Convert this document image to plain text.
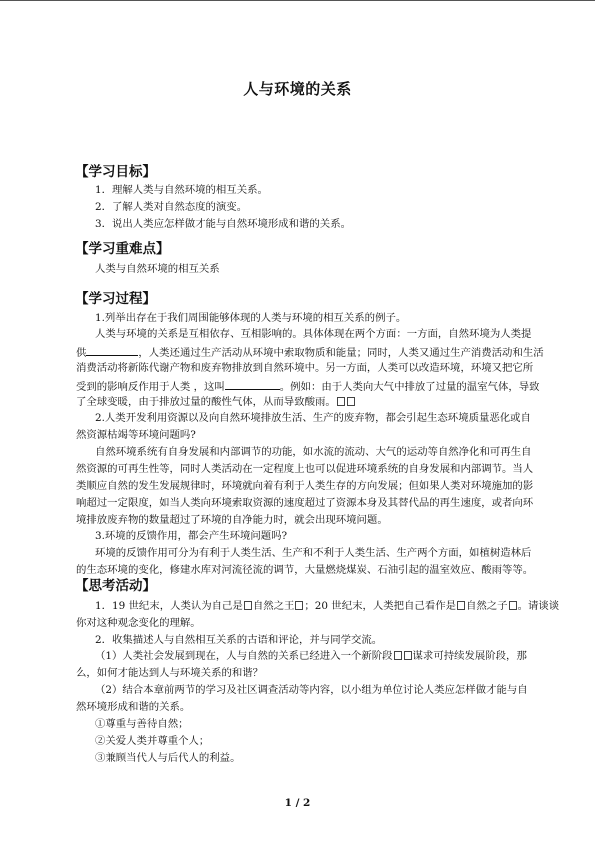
人与环境的关系
【学习目标】
1．理解人类与自然环境的相互关系。
2．了解人类对自然态度的演变。
3．说出人类应怎样做才能与自然环境形成和谐的关系。
【学习重难点】
人类与自然环境的相互关系
【学习过程】
1.列举出存在于我们周围能够体现的人类与环境的相互关系的例子。
人类与环境的关系是互相依存、互相影响的。具体体现在两个方面：一方面，自然环境为人类提
供	，人类还通过生产活动从环境中索取物质和能量；同时，人类又通过生产消费活动和生活
消费活动将新陈代谢产物和废弃物排放到自然环境中。另一方面，人类可以改造环境，环境又把它所
受到的影响反作用于人类 ，这叫	。例如：由于人类向大气中排放了过量的温室气体，导致
了全球变暖，由于排放过量的酸性气体，从而导致酸雨。
2.人类开发利用资源以及向自然环境排放生活、生产的废弃物，都会引起生态环境质量恶化或自
然资源枯竭等环境问题吗?
自然环境系统有自身发展和内部调节的功能，如水流的流动、大气的运动等自然净化和可再生自
然资源的可再生性等，同时人类活动在一定程度上也可以促进环境系统的自身发展和内部调节。当人
类顺应自然的发生发展规律时，环境就向着有利于人类生存的方向发展；但如果人类对环境施加的影
响超过一定限度，如当人类向环境索取资源的速度超过了资源本身及其替代品的再生速度，或者向环
境排放废弃物的数量超过了环境的自净能力时，就会出现环境问题。
3.环境的反馈作用，都会产生环境问题吗?
环境的反馈作用可分为有利于人类生活、生产和不利于人类生活、生产两个方面，如植树造林后
的生态环境的变化，修建水库对河流径流的调节，大量燃烧煤炭、石油引起的温室效应、酸雨等等。
【思考活动】
1．19 世纪末，人类认为自己是 自然之王 ；20 世纪末，人类把自己看作是 自然之子 。请谈谈
你对这种观念变化的理解。
2．收集描述人与自然相互关系的古语和评论，并与同学交流。
（1）人类社会发展到现在，人与自然的关系已经进入一个新阶段 谋求可持续发展阶段，那
么，如何才能达到人与环境关系的和谐？
（2）结合本章前两节的学习及社区调查活动等内容，以小组为单位讨论人类应怎样做才能与自
然环境形成和谐的关系。
①尊重与善待自然；
②关爱人类并尊重个人；
③兼顾当代人与后代人的利益。
1 / 2
